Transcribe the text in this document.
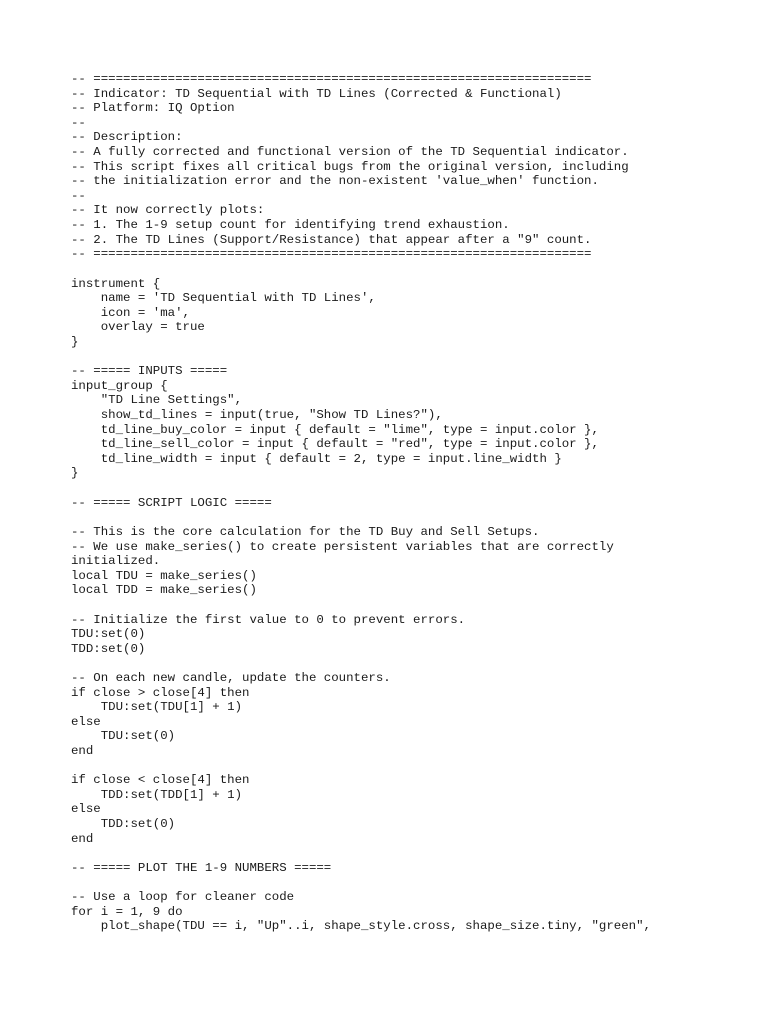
-- ===================================================================
-- Indicator: TD Sequential with TD Lines (Corrected & Functional)
-- Platform: IQ Option
--
-- Description:
-- A fully corrected and functional version of the TD Sequential indicator.
-- This script fixes all critical bugs from the original version, including
-- the initialization error and the non-existent 'value_when' function.
--
-- It now correctly plots:
-- 1. The 1-9 setup count for identifying trend exhaustion.
-- 2. The TD Lines (Support/Resistance) that appear after a "9" count.
-- ===================================================================
instrument {
name = 'TD Sequential with TD Lines',
icon = 'ma',
overlay = true
}
-- ===== INPUTS =====
input_group {
"TD Line Settings",
show_td_lines = input(true, "Show TD Lines?"),
td_line_buy_color = input { default = "lime", type = input.color },
td_line_sell_color = input { default = "red", type = input.color },
td_line_width = input { default = 2, type = input.line_width }
}
-- ===== SCRIPT LOGIC =====
-- This is the core calculation for the TD Buy and Sell Setups.
-- We use make_series() to create persistent variables that are correctly
initialized.
local TDU = make_series()
local TDD = make_series()
-- Initialize the first value to 0 to prevent errors.
TDU:set(0)
TDD:set(0)
-- On each new candle, update the counters.
if close > close[4] then
TDU:set(TDU[1] + 1)
else
TDU:set(0)
end
if close < close[4] then
TDD:set(TDD[1] + 1)
else
TDD:set(0)
end
-- ===== PLOT THE 1-9 NUMBERS =====
-- Use a loop for cleaner code
for i = 1, 9 do
plot_shape(TDU == i, "Up"..i, shape_style.cross, shape_size.tiny, "green",
